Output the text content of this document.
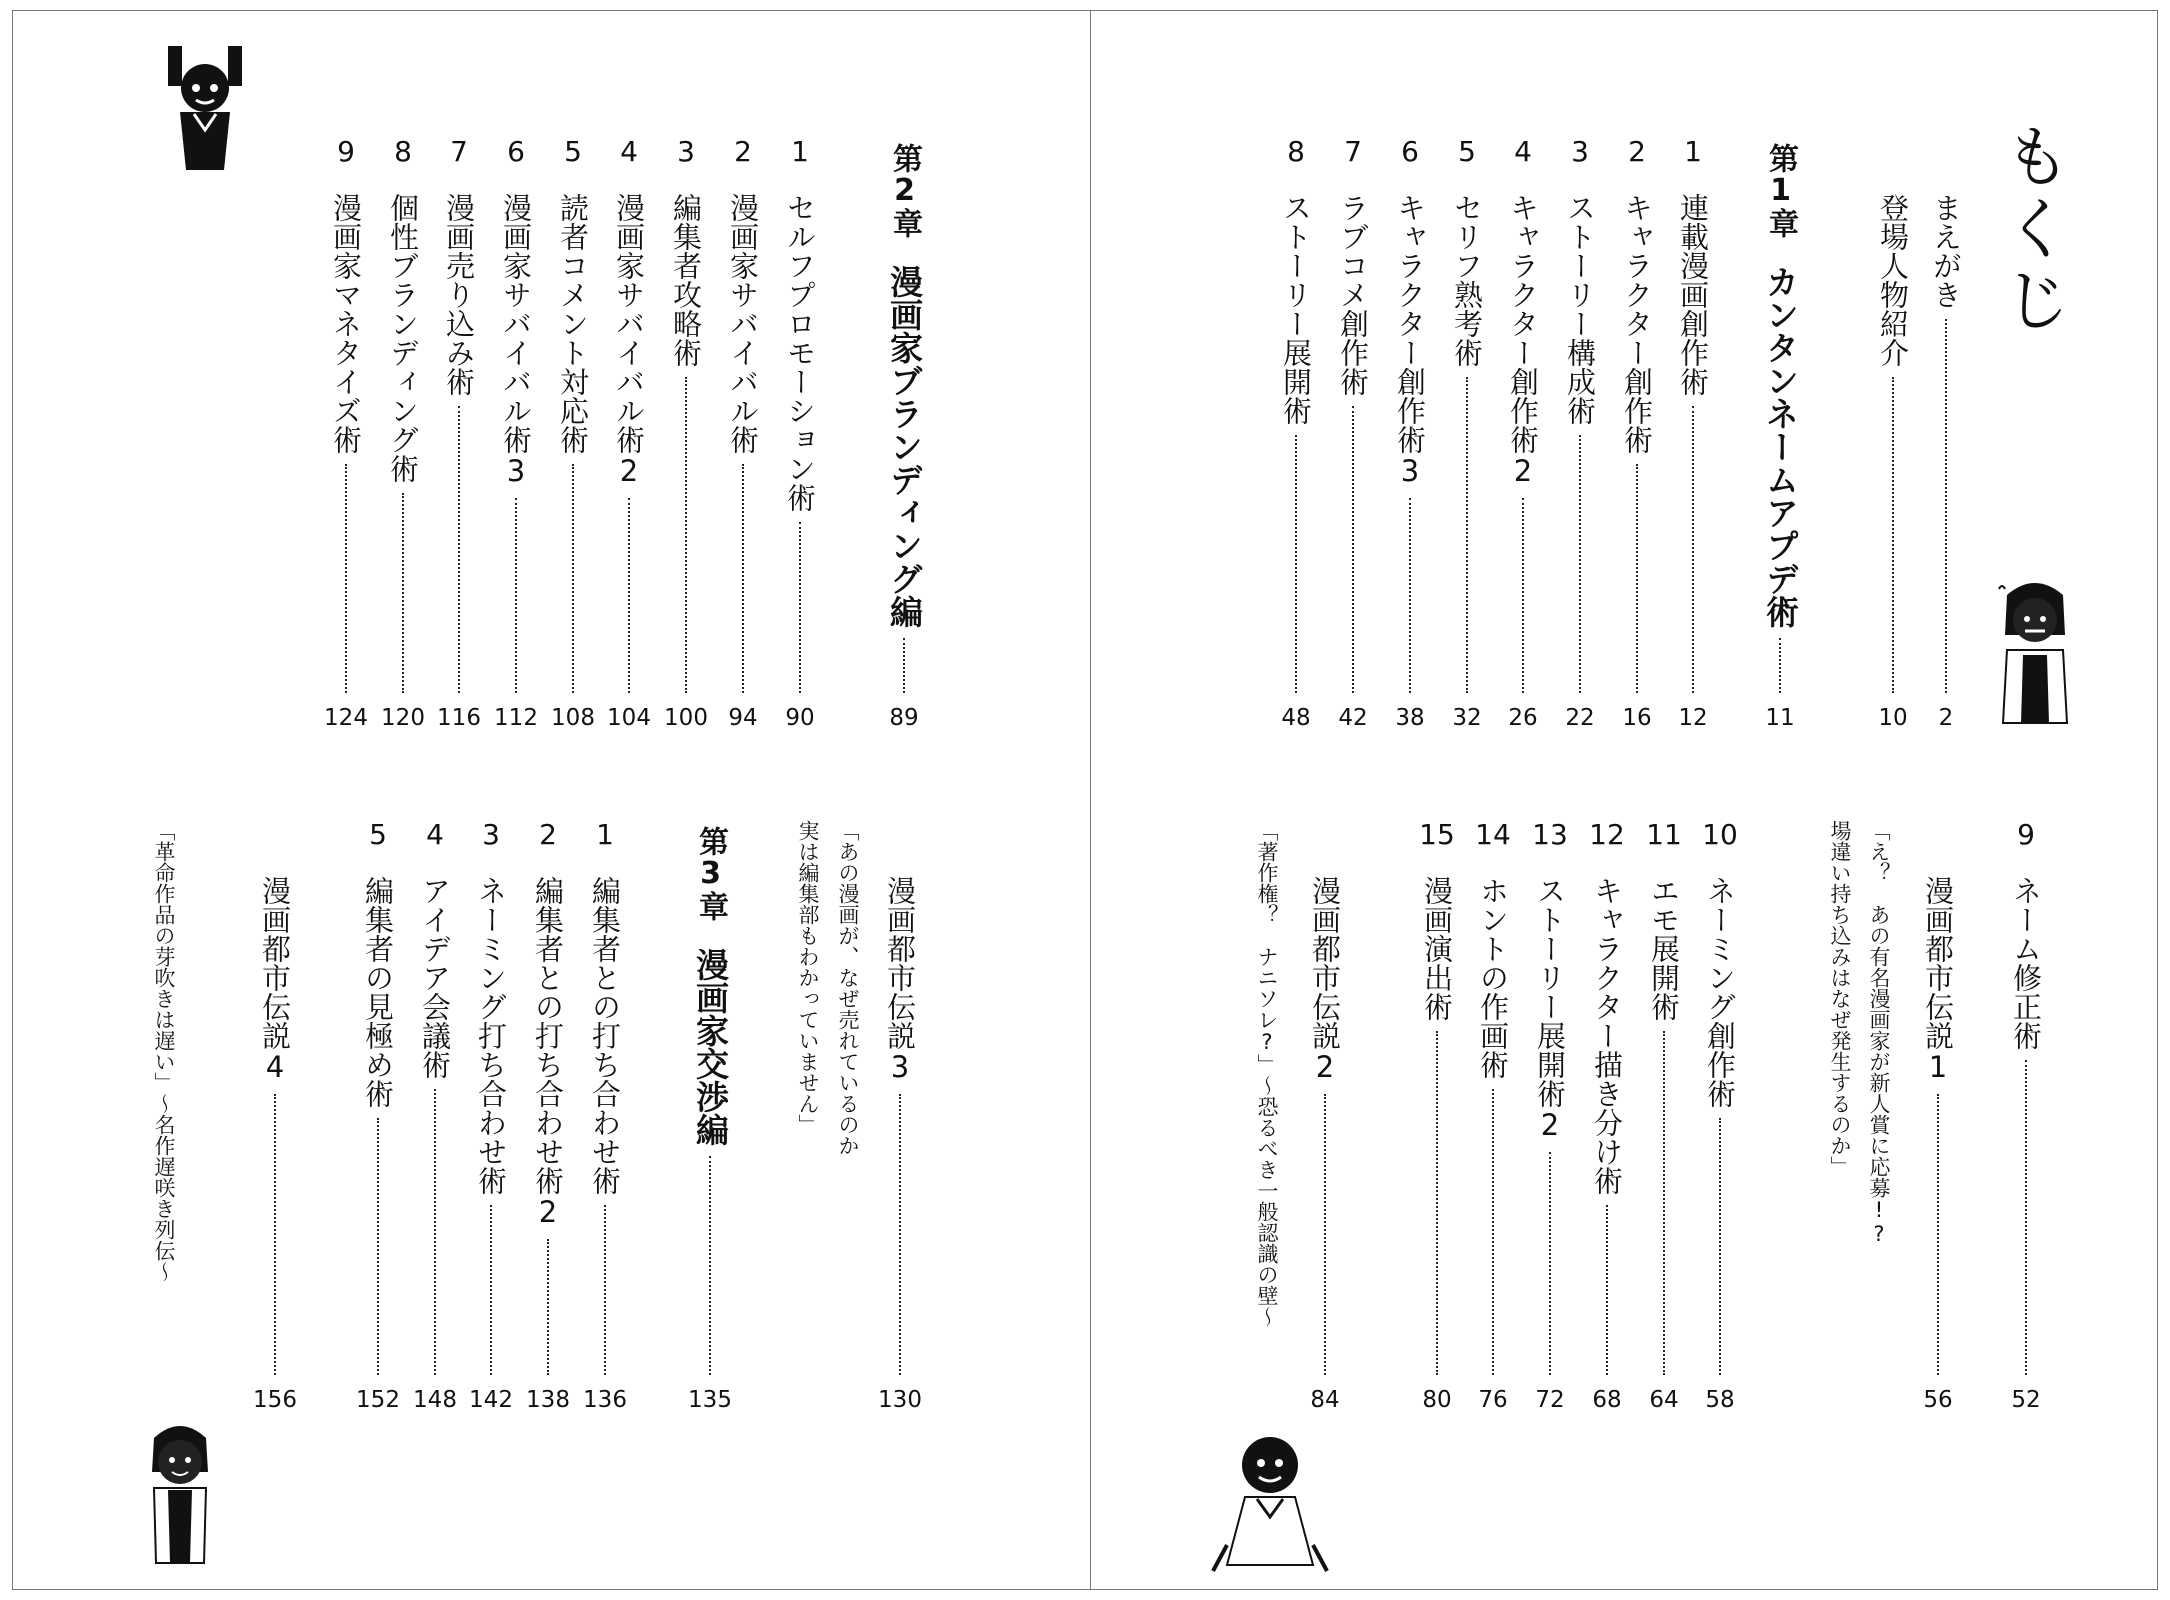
もくじ
まえがき
2
登場人物紹介
10
第1章
カンタンネームアプデ術
11
1
連載漫画創作術
12
2
キャラクター創作術
16
3
ストーリー構成術
22
4
キャラクター創作術2
26
5
セリフ熟考術
32
6
キャラクター創作術3
38
7
ラブコメ創作術
42
8
ストーリー展開術
48
9
ネーム修正術
52
漫画都市伝説1
56
「え？　あの有名漫画家が新人賞に応募!?
場違い持ち込みはなぜ発生するのか」
10
ネーミング創作術
58
11
エモ展開術
64
12
キャラクター描き分け術
68
13
ストーリー展開術2
72
14
ホントの作画術
76
15
漫画演出術
80
漫画都市伝説2
84
「著作権？　ナニソレ?」〜恐るべき一般認識の壁〜
第2章
漫画家ブランディング編
89
1
セルフプロモーション術
90
2
漫画家サバイバル術
94
3
編集者攻略術
100
4
漫画家サバイバル術2
104
5
読者コメント対応術
108
6
漫画家サバイバル術3
112
7
漫画売り込み術
116
8
個性ブランディング術
120
9
漫画家マネタイズ術
124
漫画都市伝説3
130
「あの漫画が、なぜ売れているのか
実は編集部もわかっていません」
第3章
漫画家交渉編
135
1
編集者との打ち合わせ術
136
2
編集者との打ち合わせ術2
138
3
ネーミング打ち合わせ術
142
4
アイデア会議術
148
5
編集者の見極め術
152
漫画都市伝説4
156
「革命作品の芽吹きは遅い」〜名作遅咲き列伝〜
